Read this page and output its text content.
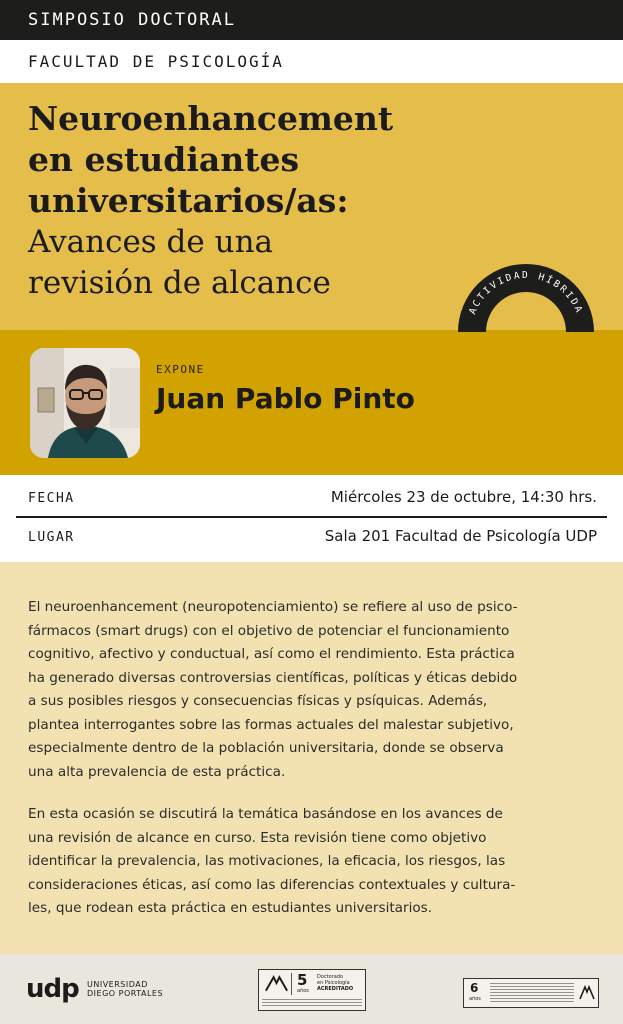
SIMPOSIO DOCTORAL
FACULTAD DE PSICOLOGÍA
Neuroenhancement
en estudiantes
universitarios/as:
Avances de una
revisión de alcance
EXPONE
Juan Pablo Pinto
ACTIVIDAD HÍBRIDA
FECHA	Miércoles 23 de octubre, 14:30 hrs.
LUGAR	Sala 201 Facultad de Psicología UDP
El neuroenhancement (neuropotenciamiento) se refiere al uso de psico-
fármacos (smart drugs) con el objetivo de potenciar el funcionamiento
cognitivo, afectivo y conductual, así como el rendimiento. Esta práctica
ha generado diversas controversias científicas, políticas y éticas debido
a sus posibles riesgos y consecuencias físicas y psíquicas. Además,
plantea interrogantes sobre las formas actuales del malestar subjetivo,
especialmente dentro de la población universitaria, donde se observa
una alta prevalencia de esta práctica.
En esta ocasión se discutirá la temática basándose en los avances de
una revisión de alcance en curso. Esta revisión tiene como objetivo
identificar la prevalencia, las motivaciones, la eficacia, los riesgos, las
consideraciones éticas, así como las diferencias contextuales y cultura-
les, que rodean esta práctica en estudiantes universitarios.
udp UNIVERSIDAD
DIEGO PORTALES
5
años
Doctorado
en Psicología
ACREDITADO	6
años
